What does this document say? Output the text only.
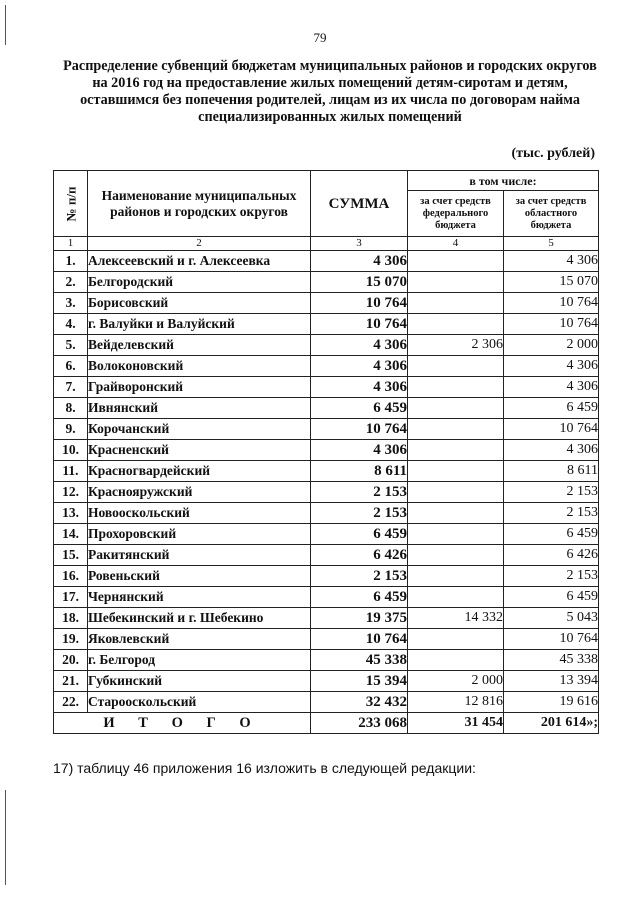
79
Распределение субвенций бюджетам муниципальных районов и городских округов на 2016 год на предоставление жилых помещений детям-сиротам и детям, оставшимся без попечения родителей, лицам из их числа по договорам найма специализированных жилых помещений
(тыс. рублей)
№ п/п	Наименование муниципальных районов и городских округов	СУММА	в том числе:	
			за счет средств федерального бюджета	за счет средств областного бюджета
1	2	3	4	5
1.	Алексеевский и г. Алексеевка	4 306		4 306
2.	Белгородский	15 070		15 070
3.	Борисовский	10 764		10 764
4.	г. Валуйки и Валуйский	10 764		10 764
5.	Вейделевский	4 306	2 306	2 000
6.	Волоконовский	4 306		4 306
7.	Грайворонский	4 306		4 306
8.	Ивнянский	6 459		6 459
9.	Корочанский	10 764		10 764
10.	Красненский	4 306		4 306
11.	Красногвардейский	8 611		8 611
12.	Краснояружский	2 153		2 153
13.	Новооскольский	2 153		2 153
14.	Прохоровский	6 459		6 459
15.	Ракитянский	6 426		6 426
16.	Ровеньский	2 153		2 153
17.	Чернянский	6 459		6 459
18.	Шебекинский и г. Шебекино	19 375	14 332	5 043
19.	Яковлевский	10 764		10 764
20.	г. Белгород	45 338		45 338
21.	Губкинский	15 394	2 000	13 394
22.	Старооскольский	32 432	12 816	19 616
И Т О Г О		233 068	31 454	201 614»;
17) таблицу 46 приложения 16 изложить в следующей редакции:
